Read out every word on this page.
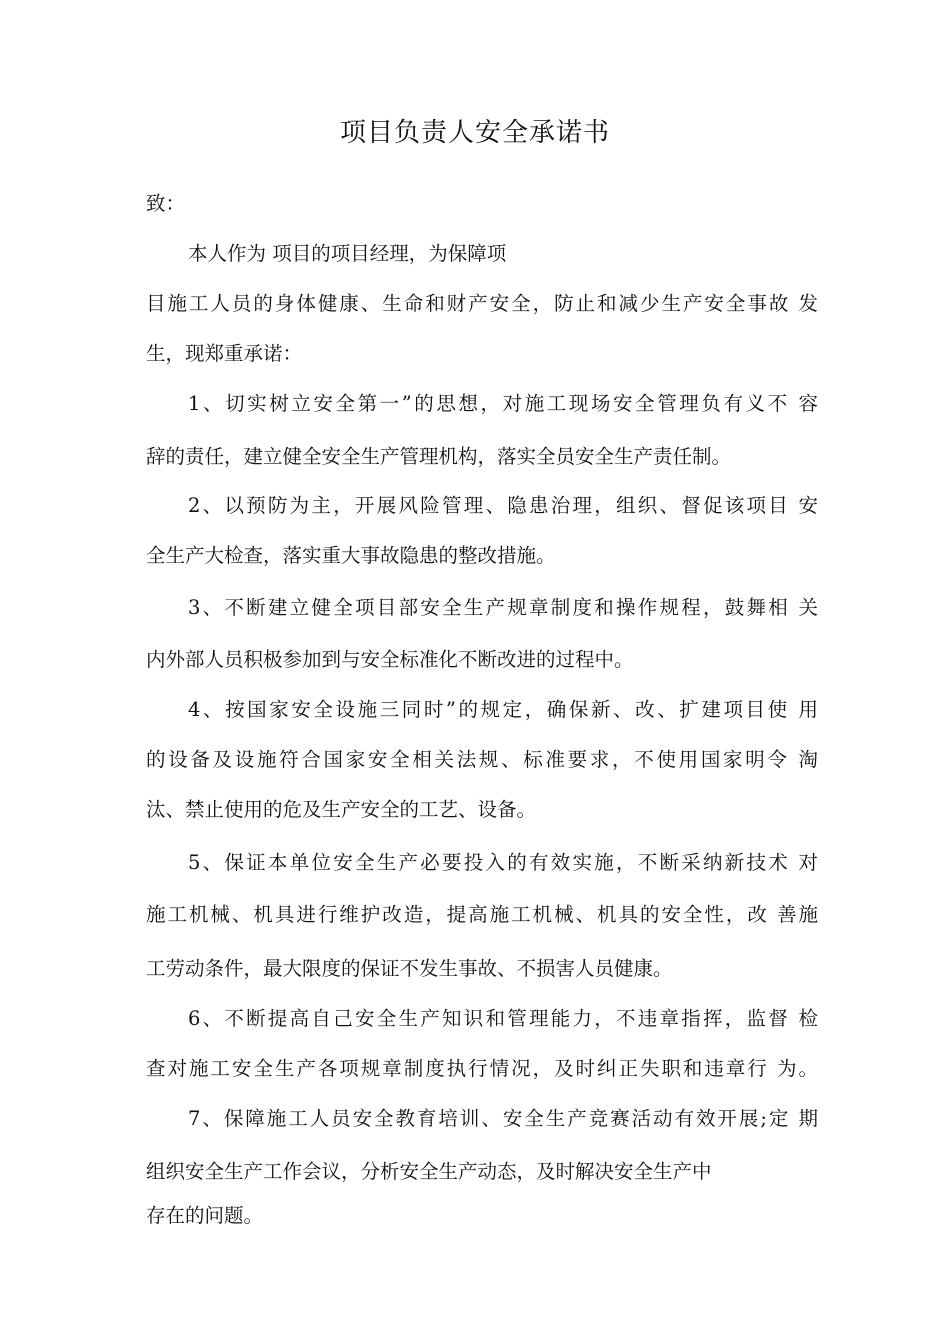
项目负责人安全承诺书
致：
本人作为 项目的项目经理，为保障项
目施工人员的身体健康、生命和财产安全，防止和减少生产安全事故 发
生，现郑重承诺：
1、切实树立安全第一”的思想，对施工现场安全管理负有义不 容
辞的责任，建立健全安全生产管理机构，落实全员安全生产责任制。
2、以预防为主，开展风险管理、隐患治理，组织、督促该项目 安
全生产大检查，落实重大事故隐患的整改措施。
3、不断建立健全项目部安全生产规章制度和操作规程，鼓舞相 关
内外部人员积极参加到与安全标准化不断改进的过程中。
4、按国家安全设施三同时”的规定，确保新、改、扩建项目使 用
的设备及设施符合国家安全相关法规、标准要求，不使用国家明令 淘
汰、禁止使用的危及生产安全的工艺、设备。
5、保证本单位安全生产必要投入的有效实施，不断采纳新技术 对
施工机械、机具进行维护改造，提高施工机械、机具的安全性，改 善施
工劳动条件，最大限度的保证不发生事故、不损害人员健康。
6、不断提高自己安全生产知识和管理能力，不违章指挥，监督 检
查对施工安全生产各项规章制度执行情况，及时纠正失职和违章行 为。
7、保障施工人员安全教育培训、安全生产竞赛活动有效开展;定 期
组织安全生产工作会议，分析安全生产动态，及时解决安全生产中
存在的问题。
